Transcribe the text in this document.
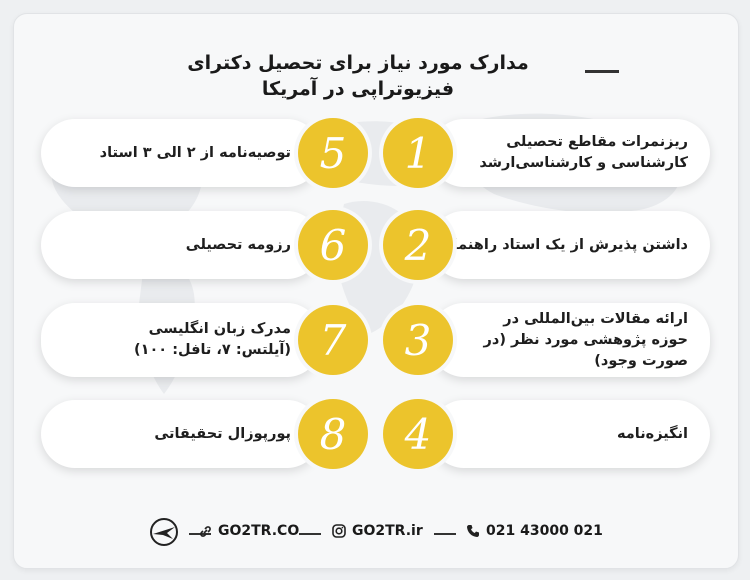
مدارک مورد نیاز برای تحصیل دکترای
فیزیوتراپی در آمریکا
ریزنمرات مقاطع تحصیلی کارشناسی و کارشناسی‌ارشد
1
توصیه‌نامه از ۲ الی ۳ استاد 5
داشتن پذیرش از یک استاد راهنما
2
رزومه تحصیلی 6
ارائه مقالات بین‌المللی در حوزه پژوهشی مورد نظر (در صورت وجود)
3
مدرک زبان انگلیسی (آیلتس: ۷، تافل: ۱۰۰) 7
انگیزه‌نامه
4
پورپوزال تحقیقاتی 8
GO2TR.CO	GO2TR.ir	021 43000 021
